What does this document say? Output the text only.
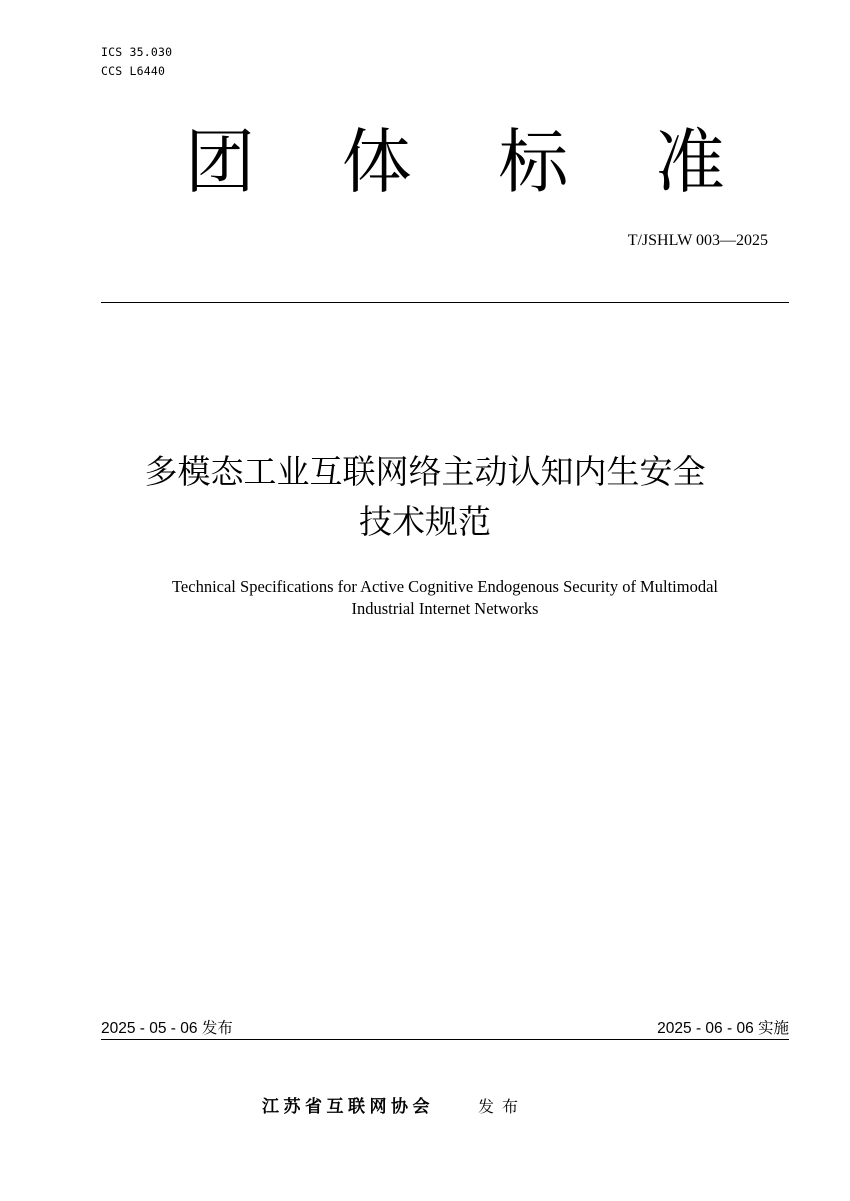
ICS 35.030
CCS L6440
团 体 标 准
T/JSHLW 003—2025
多模态工业互联网络主动认知内生安全
技术规范
Technical Specifications for Active Cognitive Endogenous Security of Multimodal
Industrial Internet Networks
2025 - 05 - 06 发布	2025 - 06 - 06 实施
江苏省互联网协会	发布
